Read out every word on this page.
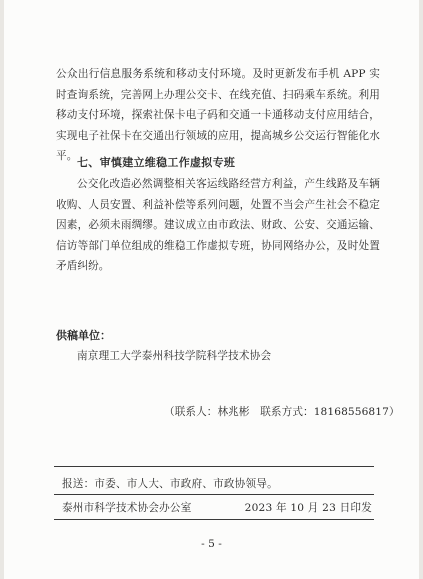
公众出行信息服务系统和移动支付环境。及时更新发布手机 APP 实时查询系统，完善网上办理公交卡、在线充值、扫码乘车系统。利用移动支付环境，探索社保卡电子码和交通一卡通移动支付应用结合，实现电子社保卡在交通出行领域的应用，提高城乡公交运行智能化水平。 七、审慎建立维稳工作虚拟专班

公交化改造必然调整相关客运线路经营方利益，产生线路及车辆收购、人员安置、利益补偿等系列问题，处置不当会产生社会不稳定因素，必须未雨绸缪。建议成立由市政法、财政、公安、交通运输、信访等部门单位组成的维稳工作虚拟专班，协同网络办公，及时处置矛盾纠纷。

供稿单位：
南京理工大学泰州科技学院科学技术协会
（联系人：林兆彬　联系方式：18168556817）
报送：市委、市人大、市政府、市政协领导。
泰州市科学技术协会办公室	2023 年 10 月 23 日印发
- 5 -
